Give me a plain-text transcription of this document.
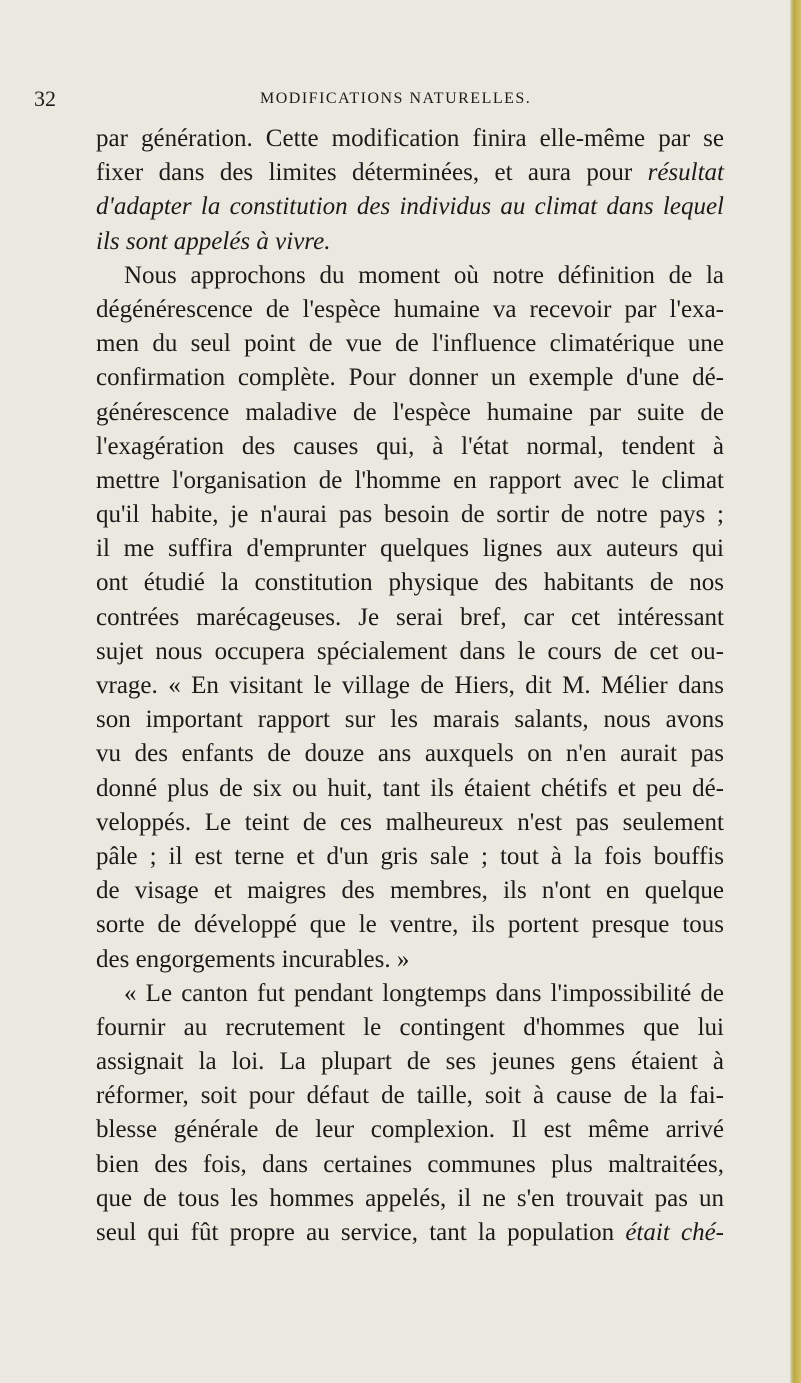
32	MODIFICATIONS NATURELLES.
par génération. Cette modification finira elle-même par se
fixer dans des limites déterminées, et aura pour résultat
d'adapter la constitution des individus au climat dans lequel
ils sont appelés à vivre.
Nous approchons du moment où notre définition de la
dégénérescence de l'espèce humaine va recevoir par l'exa-
men du seul point de vue de l'influence climatérique une
confirmation complète. Pour donner un exemple d'une dé-
générescence maladive de l'espèce humaine par suite de
l'exagération des causes qui, à l'état normal, tendent à
mettre l'organisation de l'homme en rapport avec le climat
qu'il habite, je n'aurai pas besoin de sortir de notre pays ;
il me suffira d'emprunter quelques lignes aux auteurs qui
ont étudié la constitution physique des habitants de nos
contrées marécageuses. Je serai bref, car cet intéressant
sujet nous occupera spécialement dans le cours de cet ou-
vrage. « En visitant le village de Hiers, dit M. Mélier dans
son important rapport sur les marais salants, nous avons
vu des enfants de douze ans auxquels on n'en aurait pas
donné plus de six ou huit, tant ils étaient chétifs et peu dé-
veloppés. Le teint de ces malheureux n'est pas seulement
pâle ; il est terne et d'un gris sale ; tout à la fois bouffis
de visage et maigres des membres, ils n'ont en quelque
sorte de développé que le ventre, ils portent presque tous
des engorgements incurables. »
« Le canton fut pendant longtemps dans l'impossibilité de
fournir au recrutement le contingent d'hommes que lui
assignait la loi. La plupart de ses jeunes gens étaient à
réformer, soit pour défaut de taille, soit à cause de la fai-
blesse générale de leur complexion. Il est même arrivé
bien des fois, dans certaines communes plus maltraitées,
que de tous les hommes appelés, il ne s'en trouvait pas un
seul qui fût propre au service, tant la population était ché-
